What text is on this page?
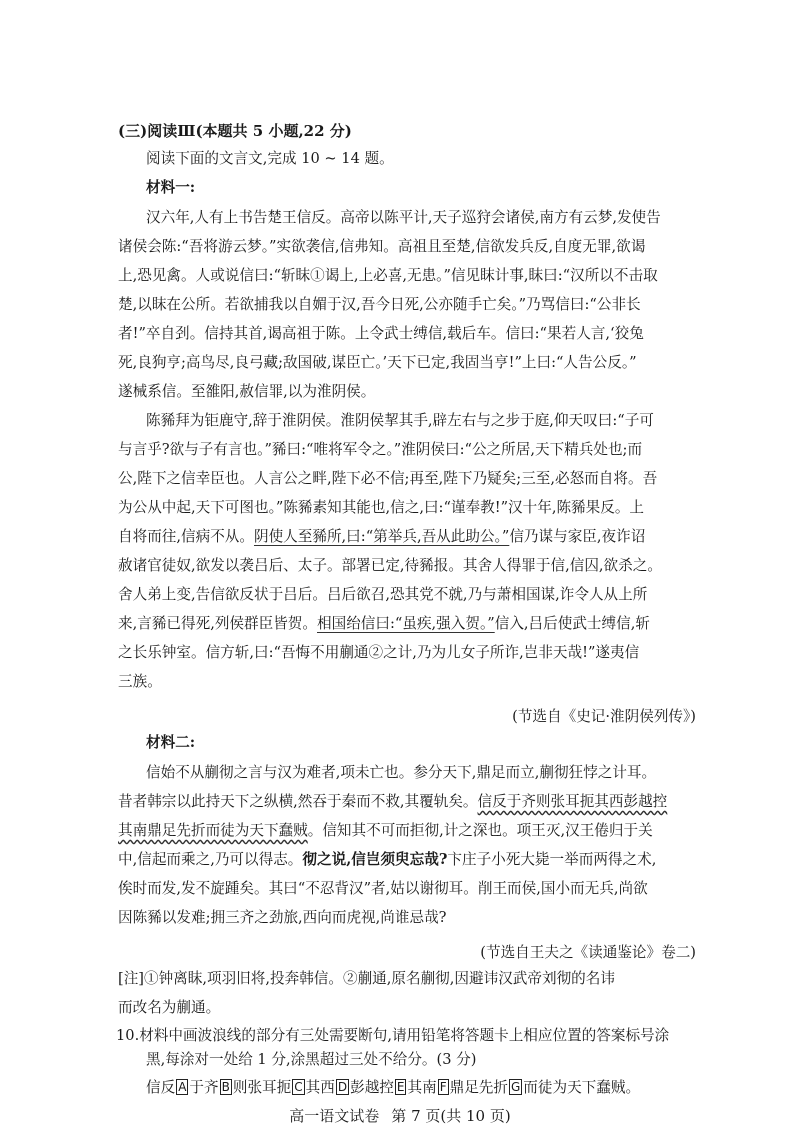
(三)阅读Ⅲ(本题共 5 小题,22 分)
阅读下面的文言文,完成 10 ~ 14 题。
材料一:
汉六年,人有上书告楚王信反。高帝以陈平计,天子巡狩会诸侯,南方有云梦,发使告
诸侯会陈:“吾将游云梦。”实欲袭信,信弗知。高祖且至楚,信欲发兵反,自度无罪,欲谒
上,恐见禽。人或说信曰:“斩眜①谒上,上必喜,无患。”信见眜计事,眜曰:“汉所以不击取
楚,以眜在公所。若欲捕我以自媚于汉,吾今日死,公亦随手亡矣。”乃骂信曰:“公非长
者!”卒自刭。信持其首,谒高祖于陈。上令武士缚信,载后车。信曰:“果若人言,‘狡兔
死,良狗亨;高鸟尽,良弓藏;敌国破,谋臣亡。’天下已定,我固当亨!”上曰:“人告公反。”
遂械系信。至雒阳,赦信罪,以为淮阴侯。
陈豨拜为钜鹿守,辞于淮阴侯。淮阴侯挈其手,辟左右与之步于庭,仰天叹曰:“子可
与言乎?欲与子有言也。”豨曰:“唯将军令之。”淮阴侯曰:“公之所居,天下精兵处也;而
公,陛下之信幸臣也。人言公之畔,陛下必不信;再至,陛下乃疑矣;三至,必怒而自将。吾
为公从中起,天下可图也。”陈豨素知其能也,信之,曰:“谨奉教!”汉十年,陈豨果反。上
自将而往,信病不从。阴使人至豨所,曰:“第举兵,吾从此助公。”信乃谋与家臣,夜诈诏
赦诸官徒奴,欲发以袭吕后、太子。部署已定,待豨报。其舍人得罪于信,信囚,欲杀之。
舍人弟上变,告信欲反状于吕后。吕后欲召,恐其党不就,乃与萧相国谋,诈令人从上所
来,言豨已得死,列侯群臣皆贺。相国绐信曰:“虽疾,强入贺。”信入,吕后使武士缚信,斩
之长乐钟室。信方斩,曰:“吾悔不用蒯通②之计,乃为儿女子所诈,岂非天哉!”遂夷信
三族。
(节选自《史记·淮阴侯列传》)
材料二:
信始不从蒯彻之言与汉为难者,项未亡也。参分天下,鼎足而立,蒯彻狂悖之计耳。
昔者韩宗以此持天下之纵横,然吞于秦而不救,其覆轨矣。信反于齐则张耳扼其西彭越控
其南鼎足先折而徒为天下蠢贼。信知其不可而拒彻,计之深也。项王灭,汉王倦归于关
中,信起而乘之,乃可以得志。彻之说,信岂须臾忘哉?卞庄子小死大毙一举而两得之术,
俟时而发,发不旋踵矣。其曰“不忍背汉”者,姑以谢彻耳。削王而侯,国小而无兵,尚欲
因陈豨以发难;拥三齐之劲旅,西向而虎视,尚谁忌哉?
(节选自王夫之《读通鉴论》卷二)
[注]①钟离眜,项羽旧将,投奔韩信。②蒯通,原名蒯彻,因避讳汉武帝刘彻的名讳
而改名为蒯通。
10.材料中画波浪线的部分有三处需要断句,请用铅笔将答题卡上相应位置的答案标号涂
黑,每涂对一处给 1 分,涂黑超过三处不给分。(3 分)
信反 A 于齐 B 则张耳扼 C 其西 D 彭越控 E 其南 F 鼎足先折 G 而徒为天下蠢贼。
高一语文试卷 第 7 页(共 10 页)
